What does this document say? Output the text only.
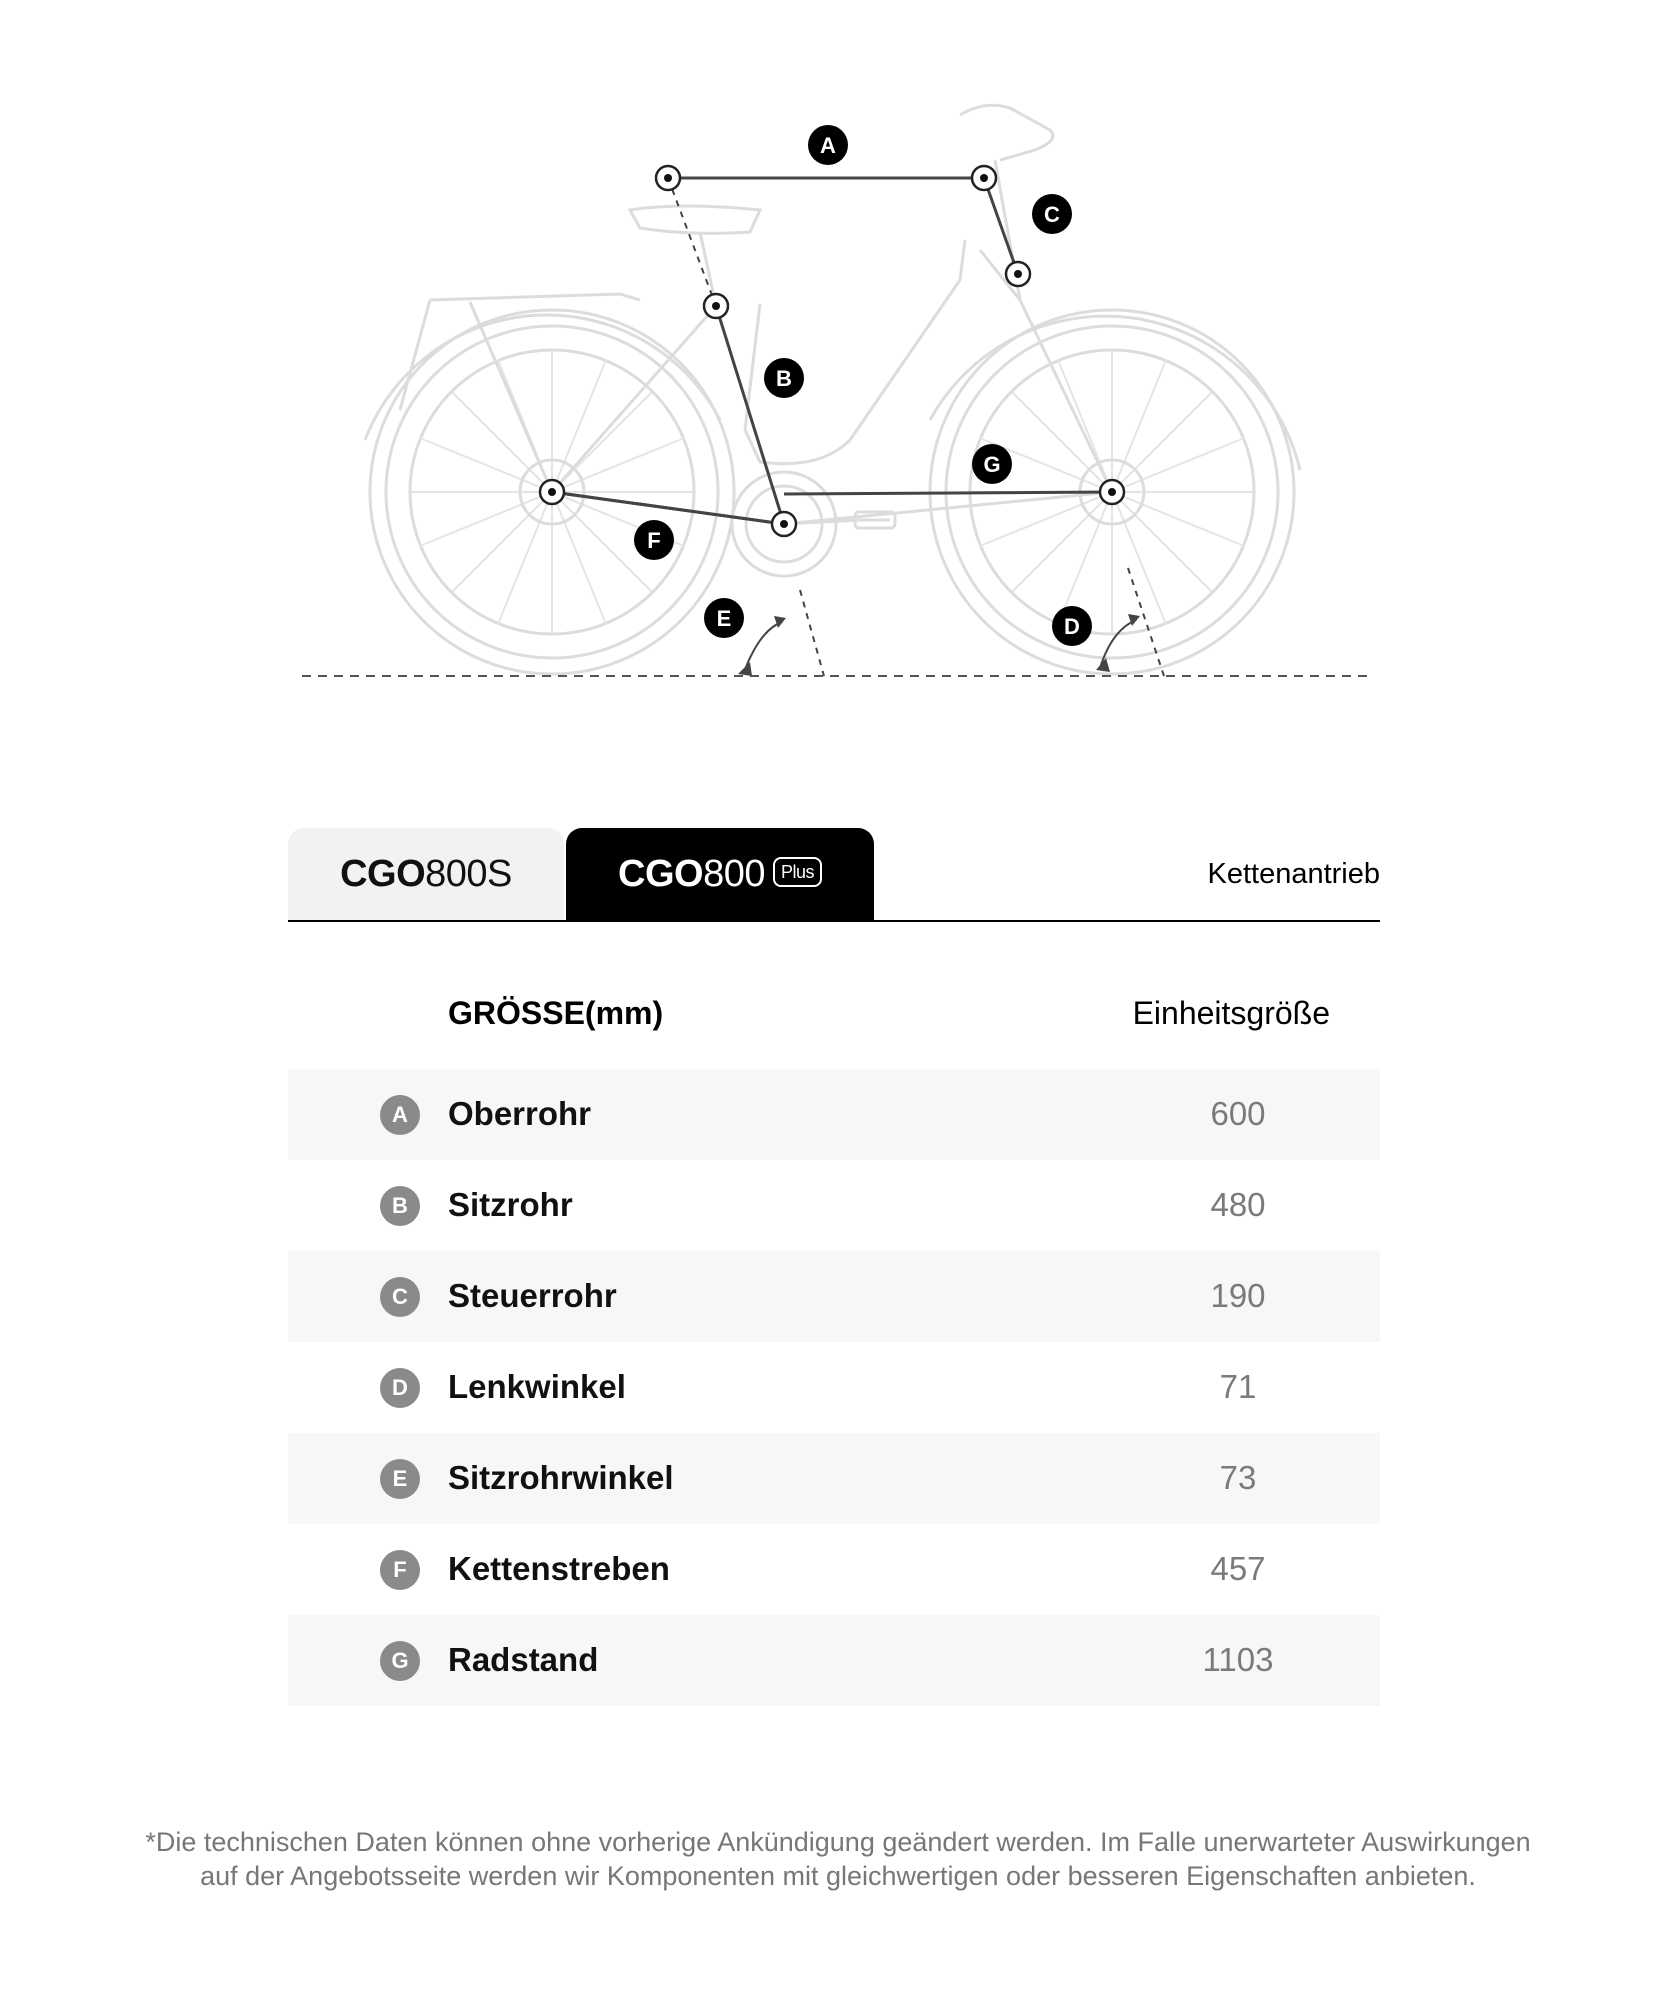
A
C
B
G
F
E	D
CGO 800S	CGO 800 Plus	Kettenantrieb
GRÖSSE(mm)	Einheitsgröße
A	Oberrohr	600
B	Sitzrohr	480
C	Steuerrohr	190
D	Lenkwinkel	71
E	Sitzrohrwinkel	73
F	Kettenstreben	457
G	Radstand	1103
*Die technischen Daten können ohne vorherige Ankündigung geändert werden. Im Falle unerwarteter Auswirkungen
auf der Angebotsseite werden wir Komponenten mit gleichwertigen oder besseren Eigenschaften anbieten.
